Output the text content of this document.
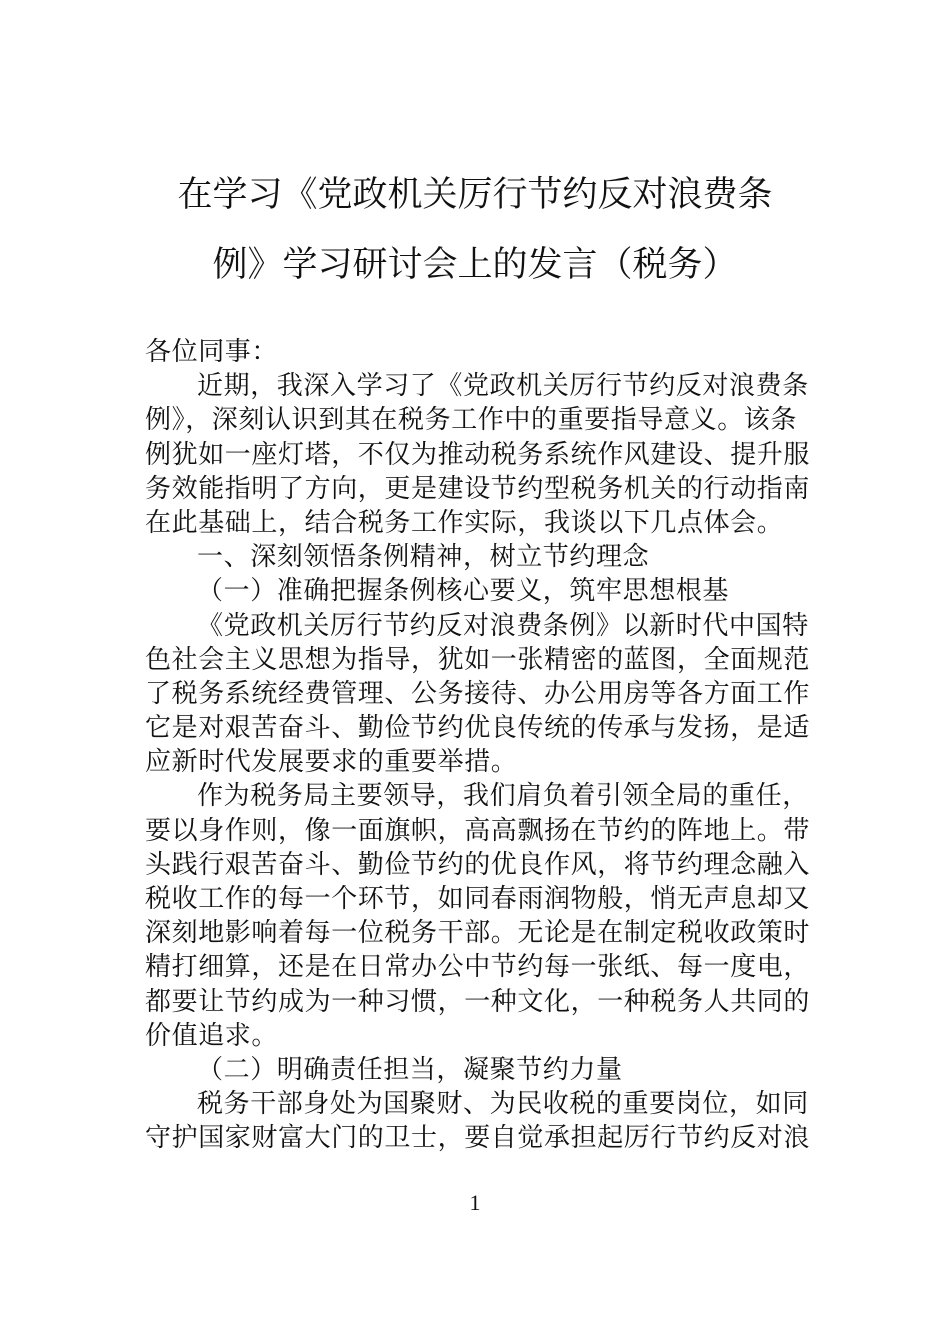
在学习《党政机关厉行节约反对浪费条
例》学习研讨会上的发言（税务）
各位同事：
近期，我深入学习了《党政机关厉行节约反对浪费条
例》，深刻认识到其在税务工作中的重要指导意义。该条
例犹如一座灯塔，不仅为推动税务系统作风建设、提升服
务效能指明了方向，更是建设节约型税务机关的行动指南
在此基础上，结合税务工作实际，我谈以下几点体会。
一、深刻领悟条例精神，树立节约理念
（一）准确把握条例核心要义，筑牢思想根基
《党政机关厉行节约反对浪费条例》以新时代中国特
色社会主义思想为指导，犹如一张精密的蓝图，全面规范
了税务系统经费管理、公务接待、办公用房等各方面工作
它是对艰苦奋斗、勤俭节约优良传统的传承与发扬，是适
应新时代发展要求的重要举措。
作为税务局主要领导，我们肩负着引领全局的重任，
要以身作则，像一面旗帜，高高飘扬在节约的阵地上。带
头践行艰苦奋斗、勤俭节约的优良作风，将节约理念融入
税收工作的每一个环节，如同春雨润物般，悄无声息却又
深刻地影响着每一位税务干部。无论是在制定税收政策时
精打细算，还是在日常办公中节约每一张纸、每一度电，
都要让节约成为一种习惯，一种文化，一种税务人共同的
价值追求。
（二）明确责任担当，凝聚节约力量
税务干部身处为国聚财、为民收税的重要岗位，如同
守护国家财富大门的卫士，要自觉承担起厉行节约反对浪
1
